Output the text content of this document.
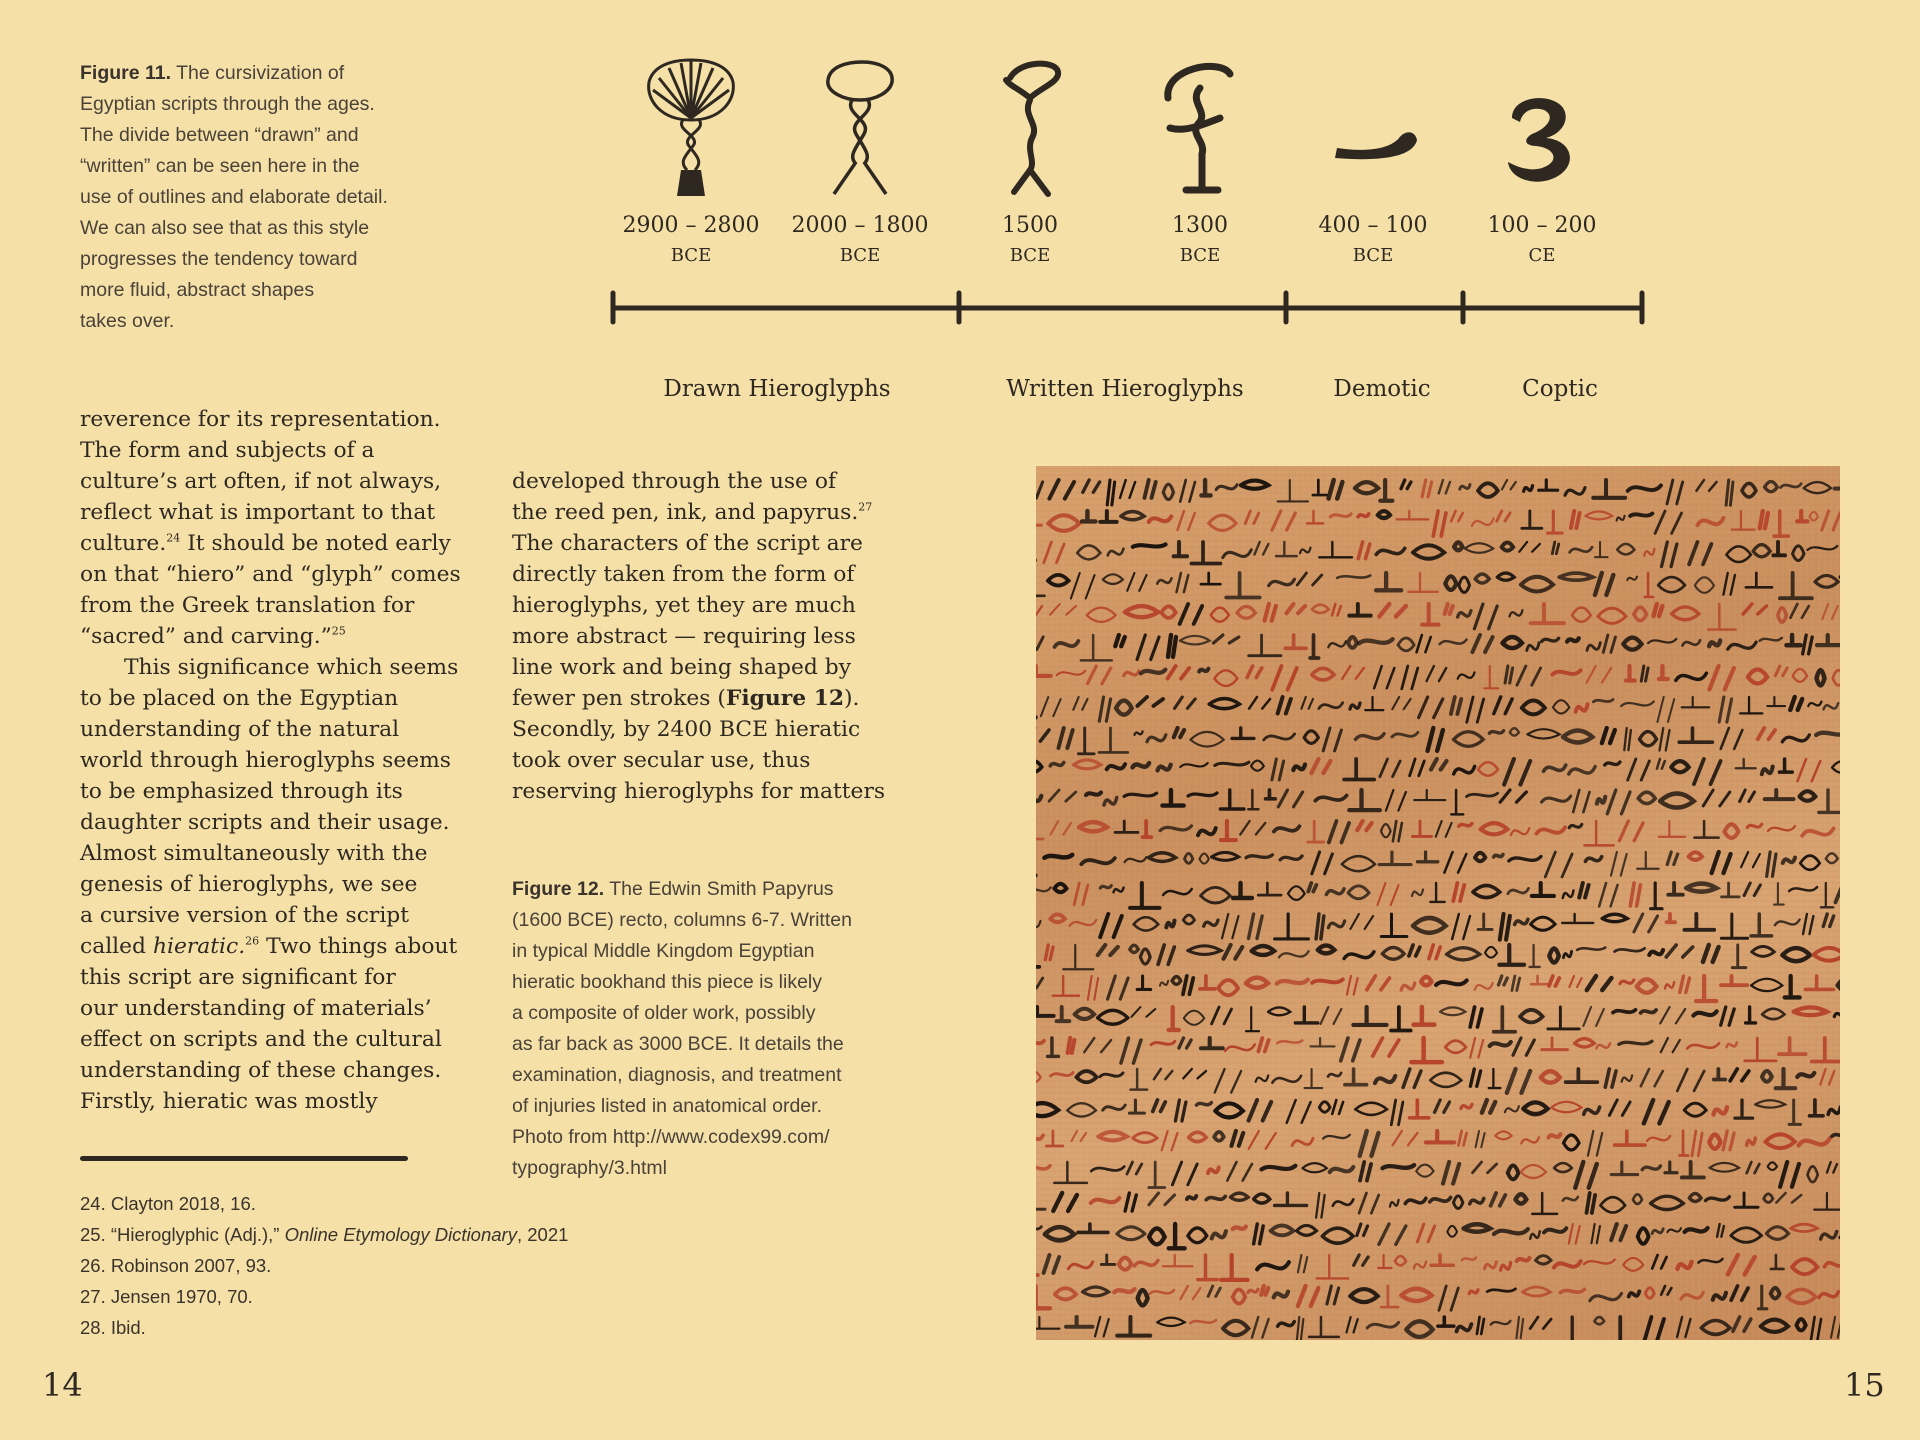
Figure 11. The cursivization of
Egyptian scripts through the ages.
The divide between “drawn” and
“written” can be seen here in the
use of outlines and elaborate detail.
We can also see that as this style
progresses the tendency toward
more fluid, abstract shapes
takes over.
2900 – 2800
BCE
2000 – 1800
BCE
1500
BCE
1300
BCE
400 – 100
BCE
100 – 200
CE
Drawn Hieroglyphs	Written Hieroglyphs	Demotic	Coptic

reverence for its representation.

The form and subjects of a

culture’s art often, if not always,

reflect what is important to that

culture.$^{24}$ It should be noted early

on that “hiero” and “glyph” comes

from the Greek translation for

“sacred” and carving.”$^{25}$

This significance which seems

to be placed on the Egyptian

understanding of the natural

world through hieroglyphs seems

to be emphasized through its

daughter scripts and their usage.

Almost simultaneously with the

genesis of hieroglyphs, we see

a cursive version of the script

called hieratic.$^{26}$ Two things about

this script are significant for

our understanding of materials’

effect on scripts and the cultural

understanding of these changes.

Firstly, hieratic was mostly

developed through the use of

the reed pen, ink, and papyrus.$^{27}$

The characters of the script are

directly taken from the form of

hieroglyphs, yet they are much

more abstract — requiring less

line work and being shaped by

fewer pen strokes (Figure 12).

Secondly, by 2400 BCE hieratic

took over secular use, thus

reserving hieroglyphs for matters

Figure 12. The Edwin Smith Papyrus
(1600 BCE) recto, columns 6-7. Written
in typical Middle Kingdom Egyptian
hieratic bookhand this piece is likely
a composite of older work, possibly
as far back as 3000 BCE. It details the
examination, diagnosis, and treatment
of injuries listed in anatomical order.
Photo from http://www.codex99.com/
typography/3.html
24. Clayton 2018, 16.
25. “Hieroglyphic (Adj.),” Online Etymology Dictionary, 2021
26. Robinson 2007, 93.
27. Jensen 1970, 70.
28. Ibid.
14	15
